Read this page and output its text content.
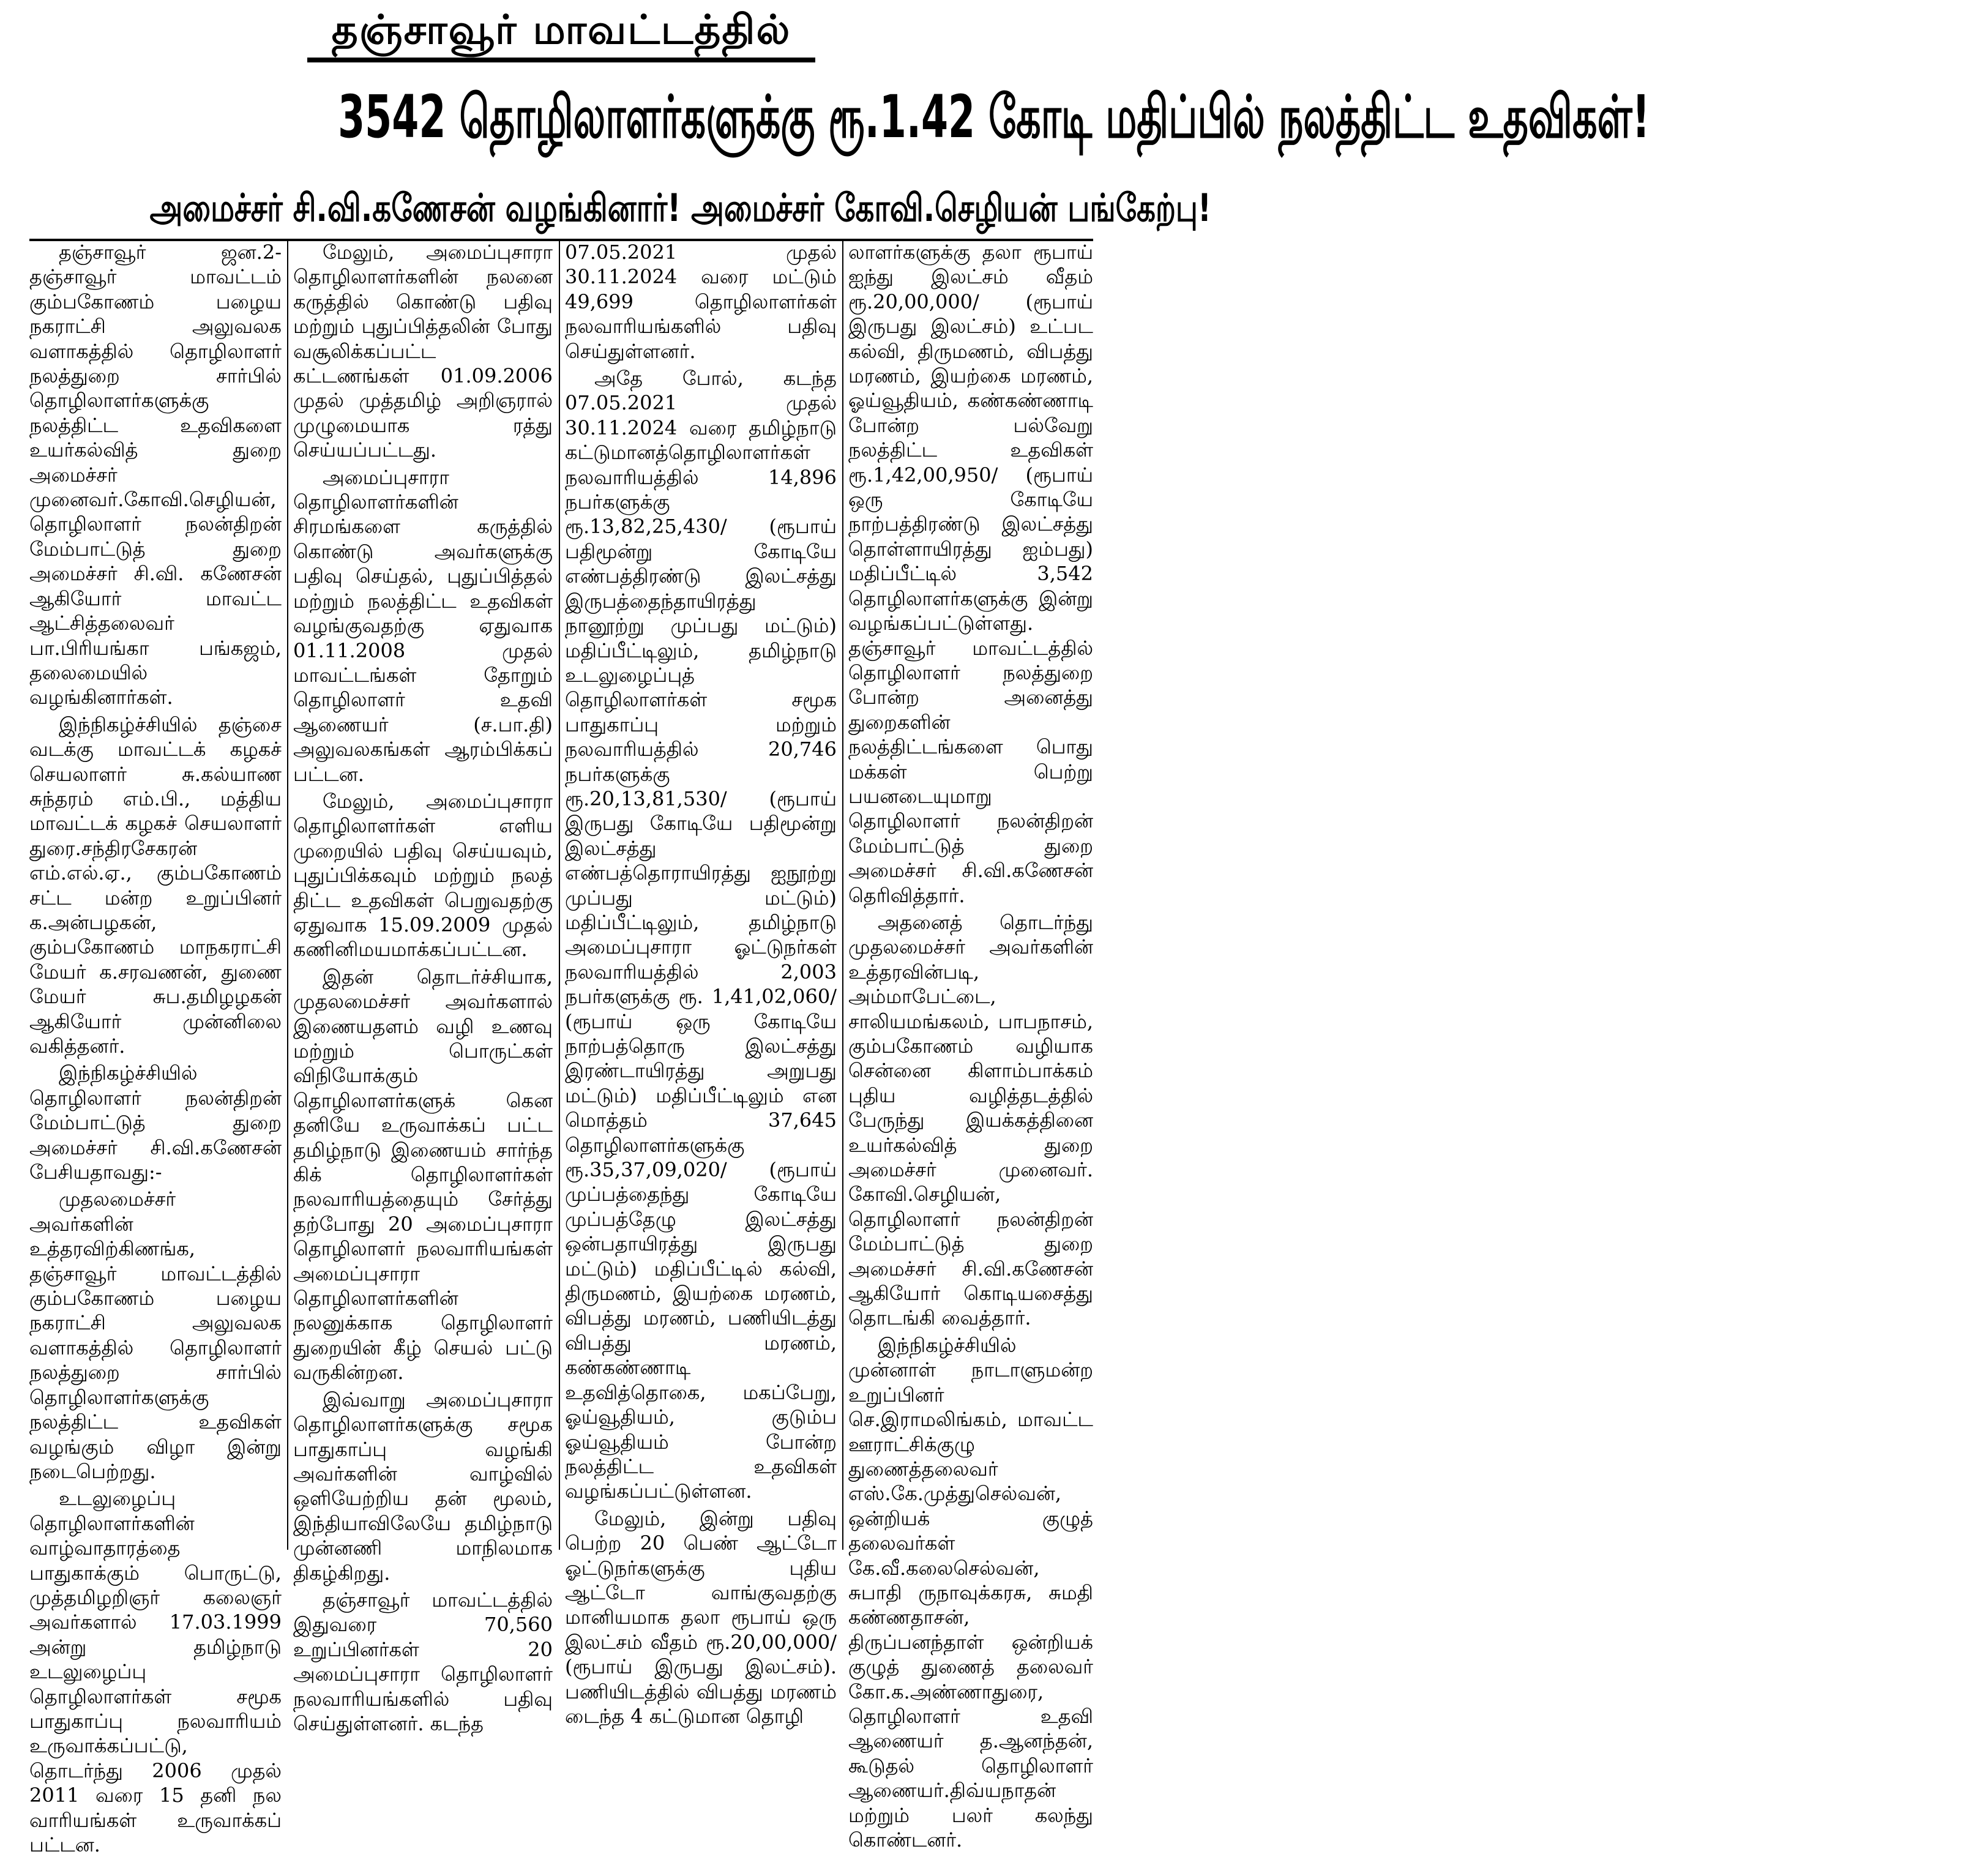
தஞ்சாவூர் மாவட்டத்தில்
3542 தொழிலாளர்களுக்கு ரூ.1.42 கோடி மதிப்பில் நலத்திட்ட உதவிகள்!
அமைச்சர் சி.வி.கணேசன் வழங்கினார்! அமைச்சர் கோவி.செழியன் பங்கேற்பு!

தஞ்சாவூர் ஜன.2- தஞ்சாவூர் மாவட்டம் கும்பகோணம் பழைய நகராட்சி அலுவலக வளாகத்தில் தொழிலாளர் நலத்துறை சார்பில் தொழிலாளர்களுக்கு நலத்திட்ட உதவிகளை உயர்கல்வித் துறை அமைச்சர் முனைவர்.கோவி.செழியன், தொழிலாளர் நலன்திறன் மேம்பாட்டுத் துறை அமைச்சர் சி.வி. கணேசன் ஆகியோர் மாவட்ட ஆட்சித்தலைவர் பா.பிரியங்கா பங்கஜம், தலைமையில் வழங்கினார்கள்.

இந்நிகழ்ச்சியில் தஞ்சை வடக்கு மாவட்டக் கழகச் செயலாளர் சு.கல்யாண சுந்தரம் எம்.பி., மத்திய மாவட்டக் கழகச் செயலாளர் துரை.சந்திரசேகரன் எம்.எல்.ஏ., கும்பகோணம் சட்ட மன்ற உறுப்பினர் க.அன்பழகன், கும்பகோணம் மாநகராட்சி மேயர் க.சரவணன், துணை மேயர் சுப.தமிழழகன் ஆகியோர் முன்னிலை வகித்தனர்.

இந்நிகழ்ச்சியில் தொழிலாளர் நலன்திறன் மேம்பாட்டுத் துறை அமைச்சர் சி.வி.கணேசன் பேசியதாவது:-

முதலமைச்சர் அவர்களின் உத்தரவிற்கிணங்க, தஞ்சாவூர் மாவட்டத்தில் கும்பகோணம் பழைய நகராட்சி அலுவலக வளாகத்தில் தொழிலாளர் நலத்துறை சார்பில் தொழிலாளர்களுக்கு நலத்திட்ட உதவிகள் வழங்கும் விழா இன்று நடைபெற்றது.

உடலுழைப்பு தொழிலாளர்களின் வாழ்வாதாரத்தை பாதுகாக்கும் பொருட்டு, முத்தமிழறிஞர் கலைஞர் அவர்களால் 17.03.1999 அன்று தமிழ்நாடு உடலுழைப்பு தொழிலாளர்கள் சமூக பாதுகாப்பு நலவாரியம் உருவாக்கப்பட்டு, தொடர்ந்து 2006 முதல் 2011 வரை 15 தனி நல வாரியங்கள் உருவாக்கப் பட்டன.

மேலும், அமைப்புசாரா தொழிலாளர்களின் நலனை கருத்தில் கொண்டு பதிவு மற்றும் புதுப்பித்தலின் போது வசூலிக்கப்பட்ட கட்டணங்கள் 01.09.2006 முதல் முத்தமிழ் அறிஞரால் முழுமையாக ரத்து செய்யப்பட்டது.

அமைப்புசாரா தொழிலாளர்களின் சிரமங்களை கருத்தில் கொண்டு அவர்களுக்கு பதிவு செய்தல், புதுப்பித்தல் மற்றும் நலத்திட்ட உதவிகள் வழங்குவதற்கு ஏதுவாக 01.11.2008 முதல் மாவட்டங்கள் தோறும் தொழிலாளர் உதவி ஆணையர் (ச.பா.தி) அலுவலகங்கள் ஆரம்பிக்கப் பட்டன.

மேலும், அமைப்புசாரா தொழிலாளர்கள் எளிய முறையில் பதிவு செய்யவும், புதுப்பிக்கவும் மற்றும் நலத் திட்ட உதவிகள் பெறுவதற்கு ஏதுவாக 15.09.2009 முதல் கணினிமயமாக்கப்பட்டன.

இதன் தொடர்ச்சியாக, முதலமைச்சர் அவர்களால் இணையதளம் வழி உணவு மற்றும் பொருட்கள் விநியோக்கும் தொழிலாளர்களுக் கென தனியே உருவாக்கப் பட்ட தமிழ்நாடு இணையம் சார்ந்த கிக் தொழிலாளர்கள் நலவாரியத்தையும் சேர்த்து தற்போது 20 அமைப்புசாரா தொழிலாளர் நலவாரியங்கள் அமைப்புசாரா தொழிலாளர்களின் நலனுக்காக தொழிலாளர் துறையின் கீழ் செயல் பட்டு வருகின்றன.

இவ்வாறு அமைப்புசாரா தொழிலாளர்களுக்கு சமூக பாதுகாப்பு வழங்கி அவர்களின் வாழ்வில் ஒளியேற்றிய தன் மூலம், இந்தியாவிலேயே தமிழ்நாடு முன்னணி மாநிலமாக திகழ்கிறது.

தஞ்சாவூர் மாவட்டத்தில் இதுவரை 70,560 உறுப்பினர்கள் 20 அமைப்புசாரா தொழிலாளர் நலவாரியங்களில் பதிவு செய்துள்ளனர். கடந்த

07.05.2021 முதல் 30.11.2024 வரை மட்டும் 49,699 தொழிலாளர்கள் நலவாரியங்களில் பதிவு செய்துள்ளனர்.

அதே போல், கடந்த 07.05.2021 முதல் 30.11.2024 வரை தமிழ்நாடு கட்டுமானத்தொழிலாளர்கள் நலவாரியத்தில் 14,896 நபர்களுக்கு ரூ.13,82,25,430/ (ரூபாய் பதிமூன்று கோடியே எண்பத்திரண்டு இலட்சத்து இருபத்தைந்தாயிரத்து நானூற்று முப்பது மட்டும்) மதிப்பீட்டிலும், தமிழ்நாடு உடலுழைப்புத் தொழிலாளர்கள் சமூக பாதுகாப்பு மற்றும் நலவாரியத்தில் 20,746 நபர்களுக்கு ரூ.20,13,81,530/ (ரூபாய் இருபது கோடியே பதிமூன்று இலட்சத்து எண்பத்தொராயிரத்து ஐநூற்று முப்பது மட்டும்) மதிப்பீட்டிலும், தமிழ்நாடு அமைப்புசாரா ஓட்டுநர்கள் நலவாரியத்தில் 2,003 நபர்களுக்கு ரூ. 1,41,02,060/ (ரூபாய் ஒரு கோடியே நாற்பத்தொரு இலட்சத்து இரண்டாயிரத்து அறுபது மட்டும்) மதிப்பீட்டிலும் என மொத்தம் 37,645 தொழிலாளர்களுக்கு ரூ.35,37,09,020/ (ரூபாய் முப்பத்தைந்து கோடியே முப்பத்தேழு இலட்சத்து ஒன்பதாயிரத்து இருபது மட்டும்) மதிப்பீட்டில் கல்வி, திருமணம், இயற்கை மரணம், விபத்து மரணம், பணியிடத்து விபத்து மரணம், கண்கண்ணாடி உதவித்தொகை, மகப்பேறு, ஓய்வூதியம், குடும்ப ஓய்வூதியம் போன்ற நலத்திட்ட உதவிகள் வழங்கப்பட்டுள்ளன.

மேலும், இன்று பதிவு பெற்ற 20 பெண் ஆட்டோ ஓட்டுநர்களுக்கு புதிய ஆட்டோ வாங்குவதற்கு மானியமாக தலா ரூபாய் ஒரு இலட்சம் வீதம் ரூ.20,00,000/ (ரூபாய் இருபது இலட்சம்). பணியிடத்தில் விபத்து மரணம் டைந்த 4 கட்டுமான தொழி

லாளர்களுக்கு தலா ரூபாய் ஐந்து இலட்சம் வீதம் ரூ.20,00,000/ (ரூபாய் இருபது இலட்சம்) உட்பட கல்வி, திருமணம், விபத்து மரணம், இயற்கை மரணம், ஓய்வூதியம், கண்கண்ணாடி போன்ற பல்வேறு நலத்திட்ட உதவிகள் ரூ.1,42,00,950/ (ரூபாய் ஒரு கோடியே நாற்பத்திரண்டு இலட்சத்து தொள்ளாயிரத்து ஐம்பது) மதிப்பீட்டில் 3,542 தொழிலாளர்களுக்கு இன்று வழங்கப்பட்டுள்ளது. தஞ்சாவூர் மாவட்டத்தில் தொழிலாளர் நலத்துறை போன்ற அனைத்து துறைகளின் நலத்திட்டங்களை பொது மக்கள் பெற்று பயனடையுமாறு தொழிலாளர் நலன்திறன் மேம்பாட்டுத் துறை அமைச்சர் சி.வி.கணேசன் தெரிவித்தார்.

அதனைத் தொடர்ந்து முதலமைச்சர் அவர்களின் உத்தரவின்படி, அம்மாபேட்டை, சாலியமங்கலம், பாபநாசம், கும்பகோணம் வழியாக சென்னை கிளாம்பாக்கம் புதிய வழித்தடத்தில் பேருந்து இயக்கத்தினை உயர்கல்வித் துறை அமைச்சர் முனைவர். கோவி.செழியன், தொழிலாளர் நலன்திறன் மேம்பாட்டுத் துறை அமைச்சர் சி.வி.கணேசன் ஆகியோர் கொடியசைத்து தொடங்கி வைத்தார்.

இந்நிகழ்ச்சியில் முன்னாள் நாடாளுமன்ற உறுப்பினர் செ.இராமலிங்கம், மாவட்ட ஊராட்சிக்குழு துணைத்தலைவர் எஸ்.கே.முத்துசெல்வன், ஒன்றியக் குழுத் தலைவர்கள் கே.வீ.கலைசெல்வன், சுபாதி ருநாவுக்கரசு, சுமதி கண்ணதாசன், திருப்பனந்தாள் ஒன்றியக் குழுத் துணைத் தலைவர் கோ.க.அண்ணாதுரை, தொழிலாளர் உதவி ஆணையர் த.ஆனந்தன், கூடுதல் தொழிலாளர் ஆணையர்.திவ்யநாதன் மற்றும் பலர் கலந்து கொண்டனர்.
